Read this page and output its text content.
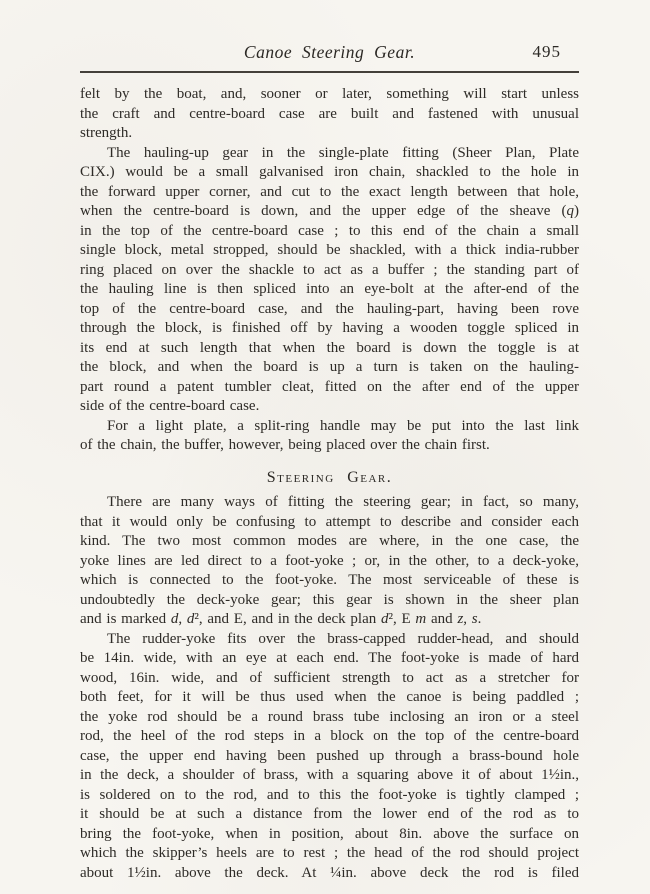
Canoe Steering Gear.	495

felt by the boat, and, sooner or later, something will start unless
the craft and centre-board case are built and fastened with unusual
strength.

The hauling-up gear in the single-plate fitting (Sheer Plan, Plate
CIX.) would be a small galvanised iron chain, shackled to the hole in
the forward upper corner, and cut to the exact length between that hole,
when the centre-board is down, and the upper edge of the sheave (q)
in the top of the centre-board case ; to this end of the chain a small
single block, metal stropped, should be shackled, with a thick india-rubber
ring placed on over the shackle to act as a buffer ; the standing part of
the hauling line is then spliced into an eye-bolt at the after-end of the
top of the centre-board case, and the hauling-part, having been rove
through the block, is finished off by having a wooden toggle spliced in
its end at such length that when the board is down the toggle is at
the block, and when the board is up a turn is taken on the hauling-
part round a patent tumbler cleat, fitted on the after end of the upper
side of the centre-board case.

For a light plate, a split-ring handle may be put into the last link
of the chain, the buffer, however, being placed over the chain first.

Steering Gear.

There are many ways of fitting the steering gear; in fact, so many,
that it would only be confusing to attempt to describe and consider each
kind. The two most common modes are where, in the one case, the
yoke lines are led direct to a foot-yoke ; or, in the other, to a deck-yoke,
which is connected to the foot-yoke. The most serviceable of these is
undoubtedly the deck-yoke gear; this gear is shown in the sheer plan
and is marked d, d², and E, and in the deck plan d², E m and z, s.

The rudder-yoke fits over the brass-capped rudder-head, and should
be 14in. wide, with an eye at each end. The foot-yoke is made of hard
wood, 16in. wide, and of sufficient strength to act as a stretcher for
both feet, for it will be thus used when the canoe is being paddled ;
the yoke rod should be a round brass tube inclosing an iron or a steel
rod, the heel of the rod steps in a block on the top of the centre-board
case, the upper end having been pushed up through a brass-bound hole
in the deck, a shoulder of brass, with a squaring above it of about 1½in.,
is soldered on to the rod, and to this the foot-yoke is tightly clamped ;
it should be at such a distance from the lower end of the rod as to
bring the foot-yoke, when in position, about 8in. above the surface on
which the skipper’s heels are to rest ; the head of the rod should project
about 1½in. above the deck. At ¼in. above deck the rod is filed
